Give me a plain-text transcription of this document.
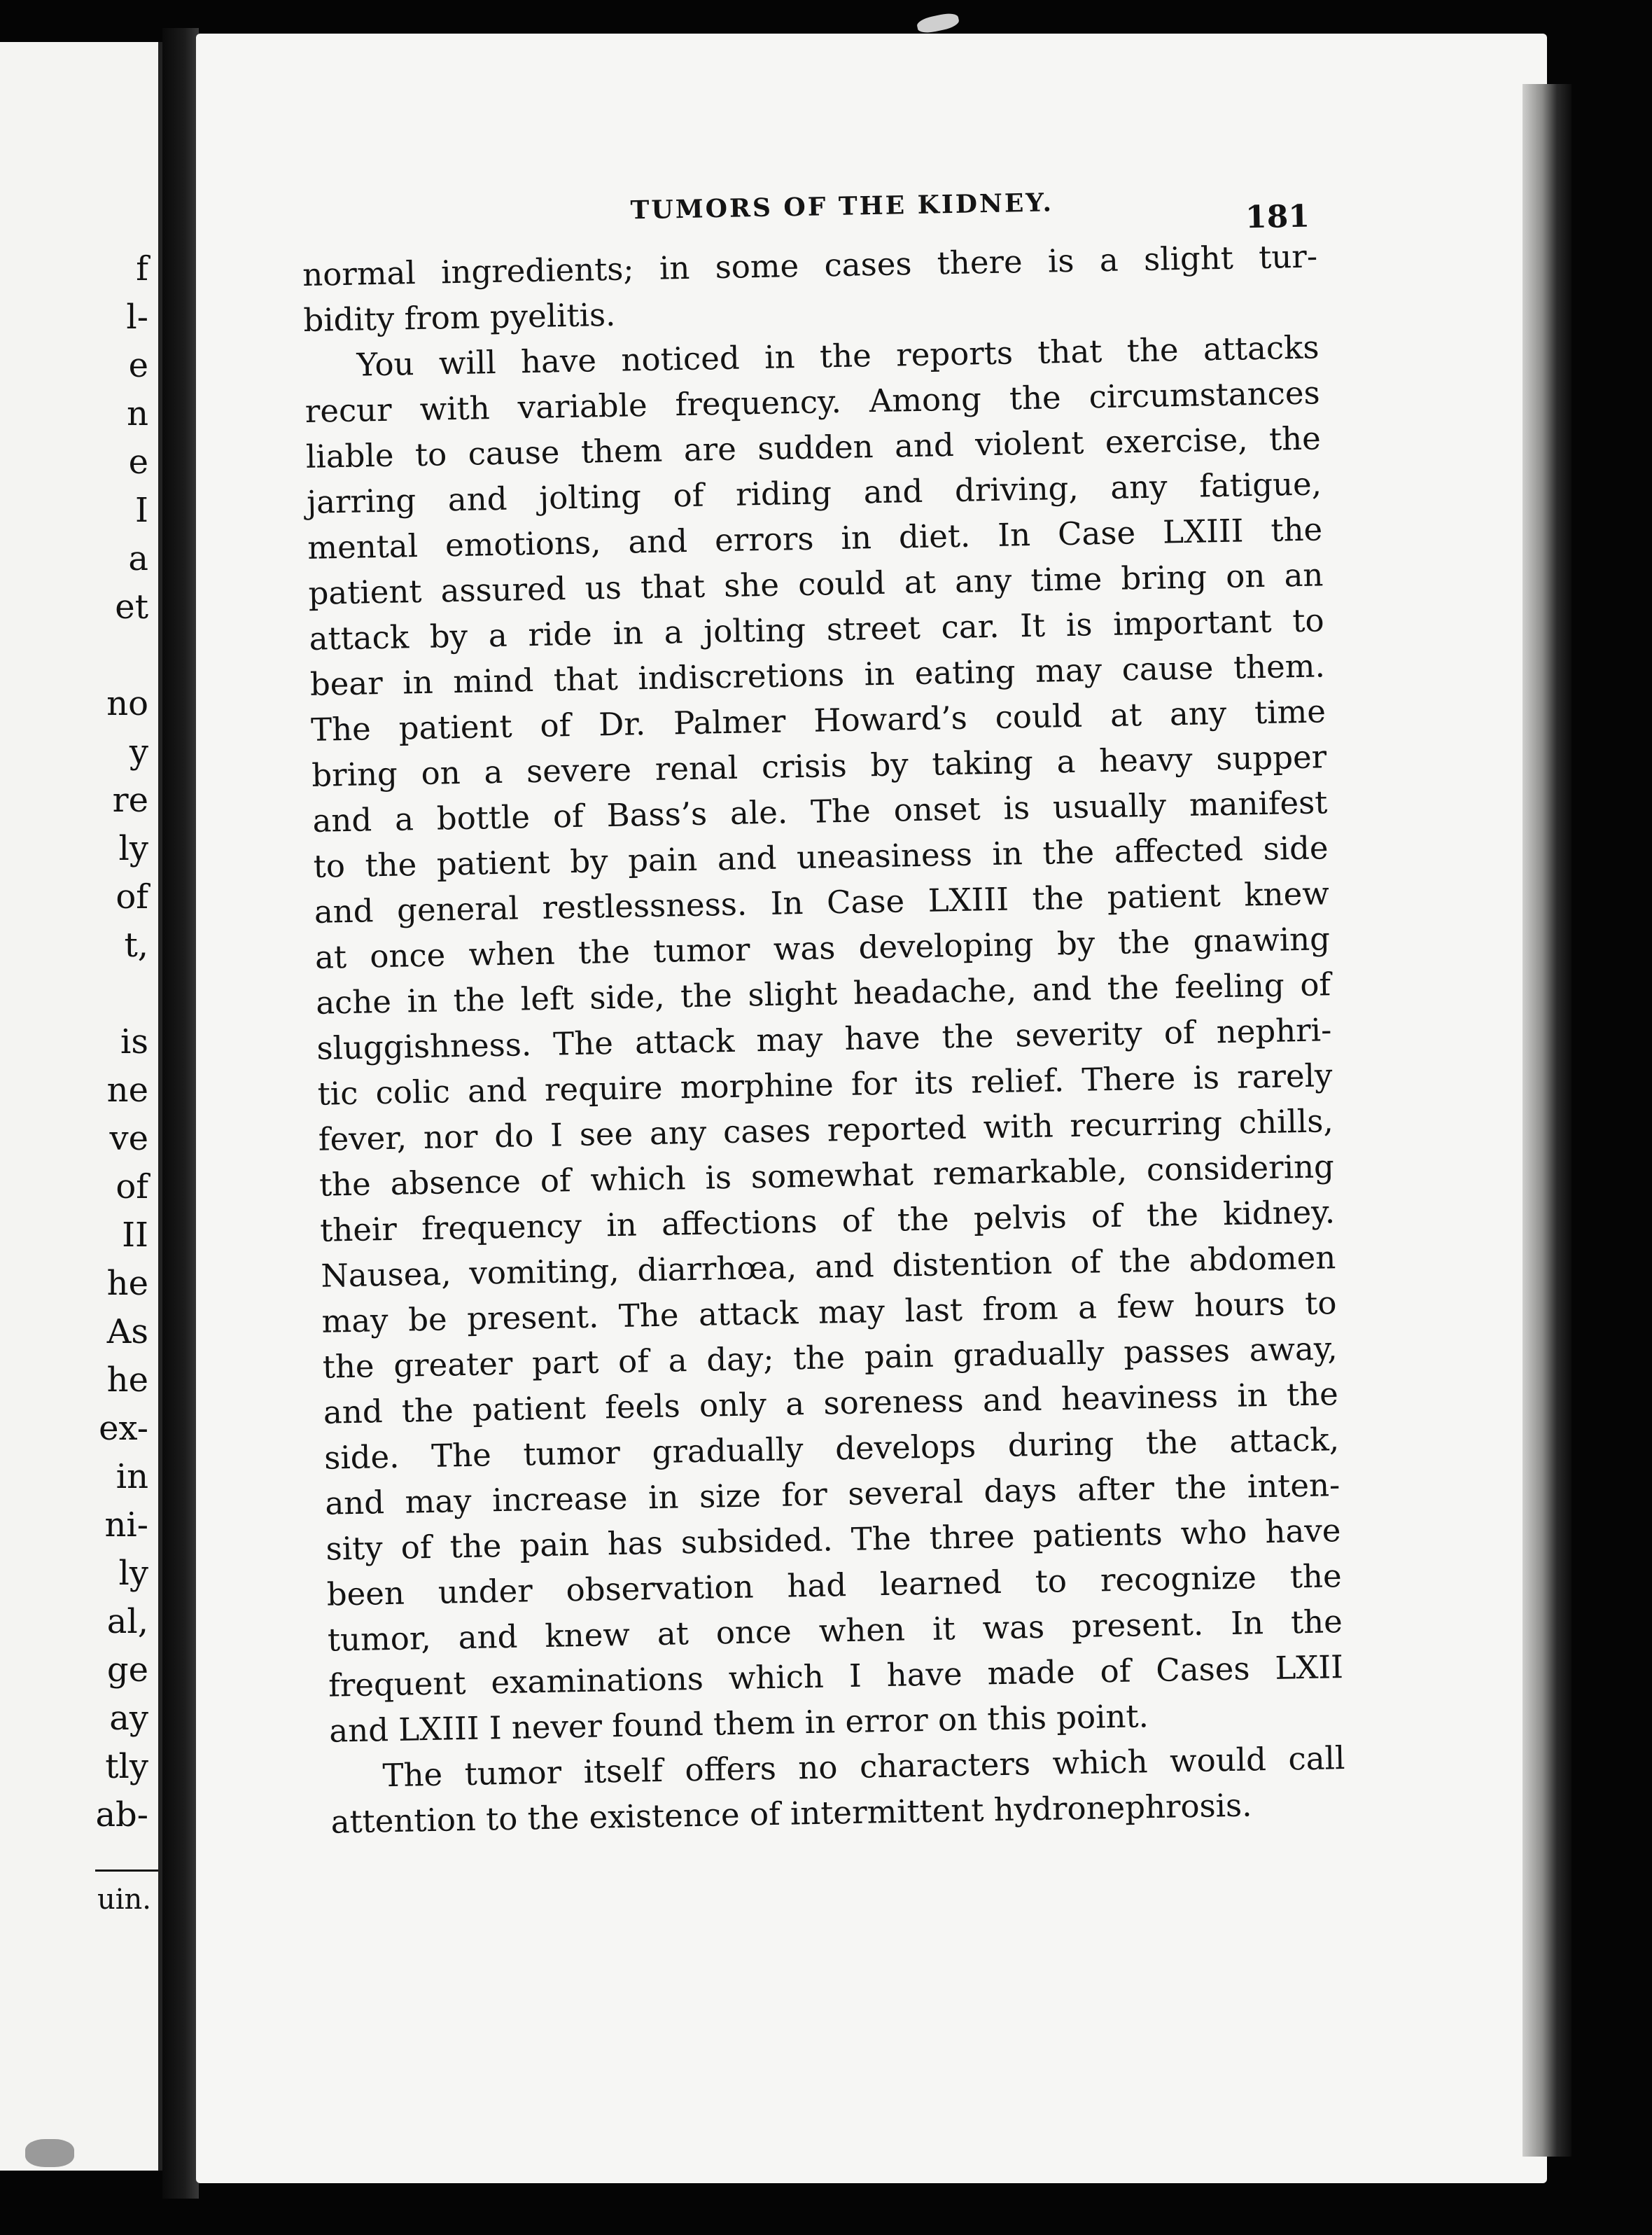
f
l-
e
n
e
I
a
et
no
y
re
ly
of
t,
is
ne
ve
of
II
he
As
he
ex-
in
ni-
ly
al,
ge
ay
tly
ab-
uin.
TUMORS OF THE KIDNEY.	181
normal ingredients; in some cases there is a slight tur-
bidity from pyelitis.
You will have noticed in the reports that the attacks
recur with variable frequency. Among the circumstances
liable to cause them are sudden and violent exercise, the
jarring and jolting of riding and driving, any fatigue,
mental emotions, and errors in diet. In Case LXIII the
patient assured us that she could at any time bring on an
attack by a ride in a jolting street car. It is important to
bear in mind that indiscretions in eating may cause them.
The patient of Dr. Palmer Howard’s could at any time
bring on a severe renal crisis by taking a heavy supper
and a bottle of Bass’s ale. The onset is usually manifest
to the patient by pain and uneasiness in the affected side
and general restlessness. In Case LXIII the patient knew
at once when the tumor was developing by the gnawing
ache in the left side, the slight headache, and the feeling of
sluggishness. The attack may have the severity of nephri-
tic colic and require morphine for its relief. There is rarely
fever, nor do I see any cases reported with recurring chills,
the absence of which is somewhat remarkable, considering
their frequency in affections of the pelvis of the kidney.
Nausea, vomiting, diarrhœa, and distention of the abdomen
may be present. The attack may last from a few hours to
the greater part of a day; the pain gradually passes away,
and the patient feels only a soreness and heaviness in the
side. The tumor gradually develops during the attack,
and may increase in size for several days after the inten-
sity of the pain has subsided. The three patients who have
been under observation had learned to recognize the
tumor, and knew at once when it was present. In the
frequent examinations which I have made of Cases LXII
and LXIII I never found them in error on this point.
The tumor itself offers no characters which would call
attention to the existence of intermittent hydronephrosis.
